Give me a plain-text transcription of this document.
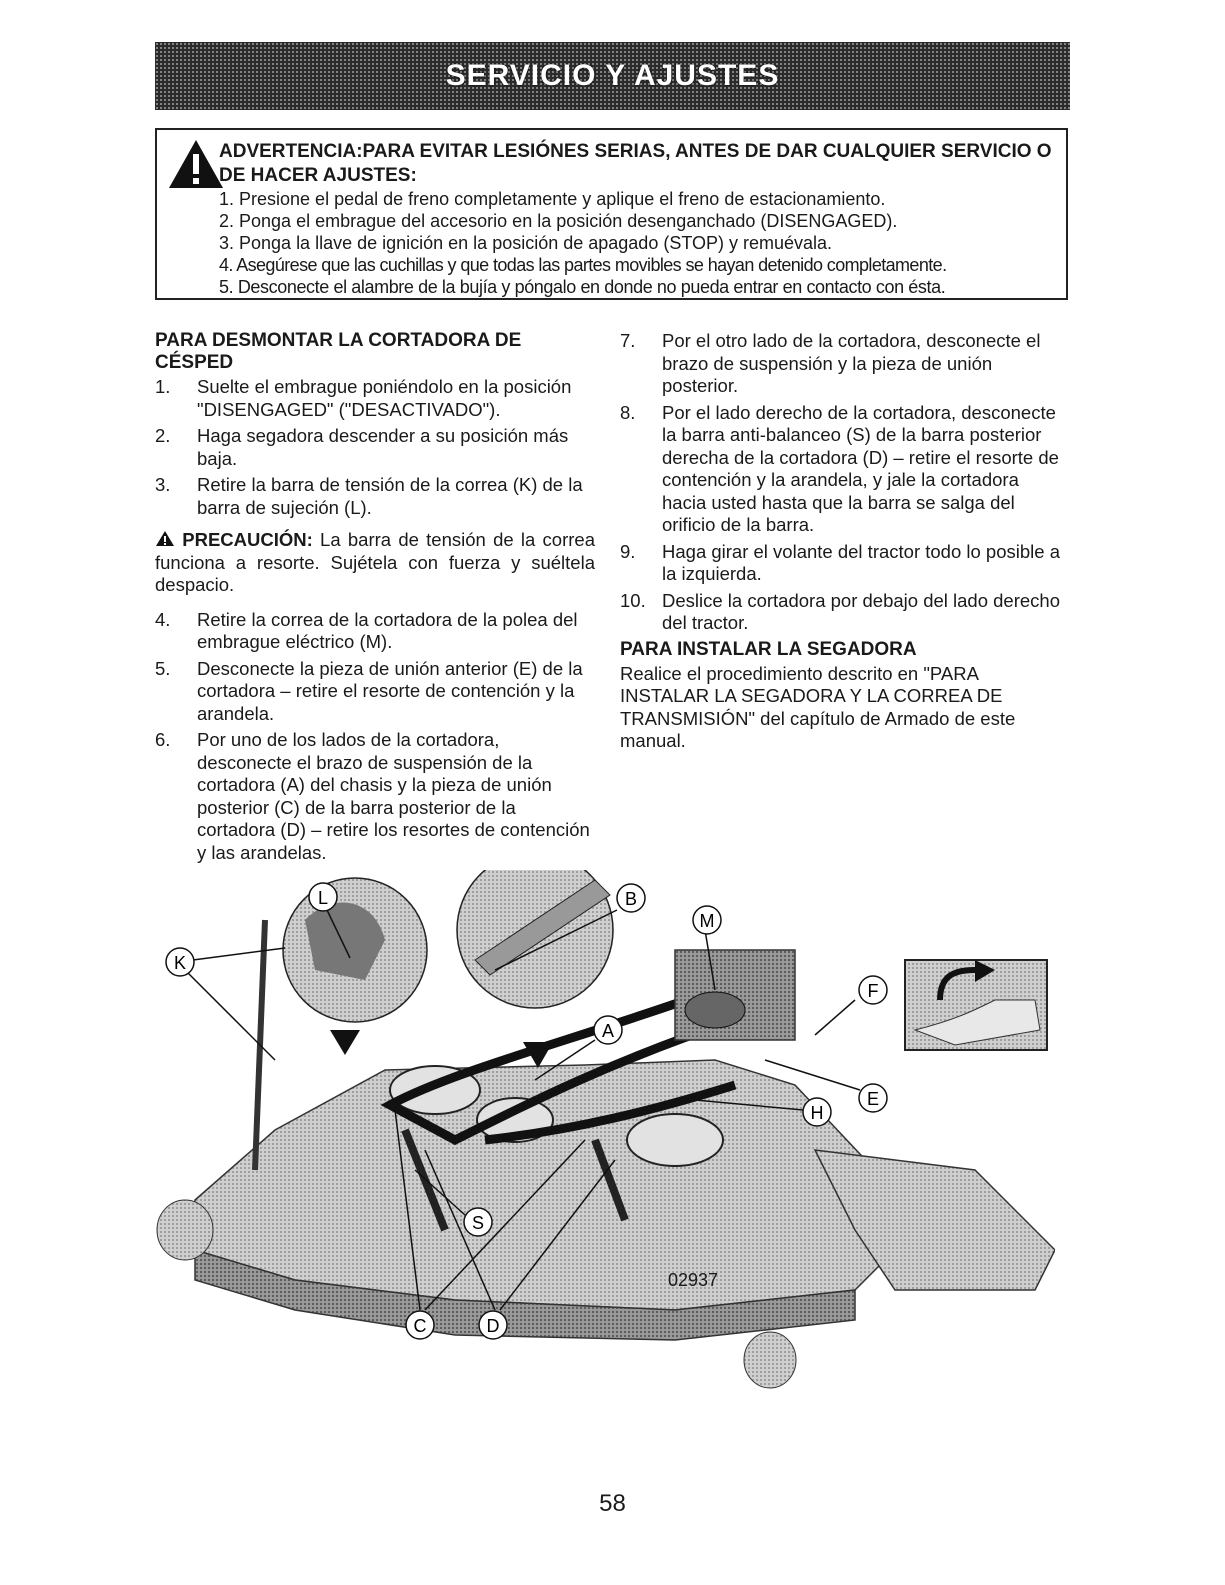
SERVICIO Y AJUSTES
ADVERTENCIA:PARA EVITAR LESIÓNES SERIAS, ANTES DE DAR CUALQUIER SERVICIO O DE HACER AJUSTES:
1. Presione el pedal de freno completamente y aplique el freno de estacionamiento.
2. Ponga el embrague del accesorio en la posición desenganchado (DISENGAGED).
3. Ponga la llave de ignición en la posición de apagado (STOP) y remuévala.
4. Asegúrese que las cuchillas y que todas las partes movibles se hayan detenido completamente.
5. Desconecte el alambre de la bujía y póngalo en donde no pueda entrar en contacto con ésta.
PARA DESMONTAR LA CORTADORA DE CÉSPED
1.	Suelte el embrague poniéndolo en la posición "DISENGAGED" ("DESACTIVADO").
2.	Haga segadora descender a su posición más baja.
3.	Retire la barra de tensión de la correa (K) de la barra de sujeción (L).
PRECAUCIÓN: La barra de tensión de la correa funciona a resorte. Sujétela con fuerza y suéltela despacio.
4.	Retire la correa de la cortadora de la polea del embrague eléctrico (M).
5.	Desconecte la pieza de unión anterior (E) de la cortadora – retire el resorte de contención y la arandela.
6.	Por uno de los lados de la cortadora, desconecte el brazo de suspensión de la cortadora (A) del chasis y la pieza de unión posterior (C) de la barra posterior de la cortadora (D) – retire los resortes de contención y las arandelas.
7.	Por el otro lado de la cortadora, desconecte el brazo de suspensión y la pieza de unión posterior.
8.	Por el lado derecho de la cortadora, desconecte la barra anti-balanceo (S) de la barra posterior derecha de la cortadora (D) – retire el resorte de contención y la arandela, y jale la cortadora hacia usted hasta que la barra se salga del orificio de la barra.
9.	Haga girar el volante del tractor todo lo posible a la izquierda.
10. Deslice la cortadora por debajo del lado derecho del tractor.
PARA INSTALAR LA SEGADORA

Realice el procedimiento descrito en "PARA INSTALAR LA SEGADORA Y LA CORREA DE TRANSMISIÓN" del capítulo de Armado de este manual.

K
L	B
M
A
F
E
H
S
C	D
02937
58
